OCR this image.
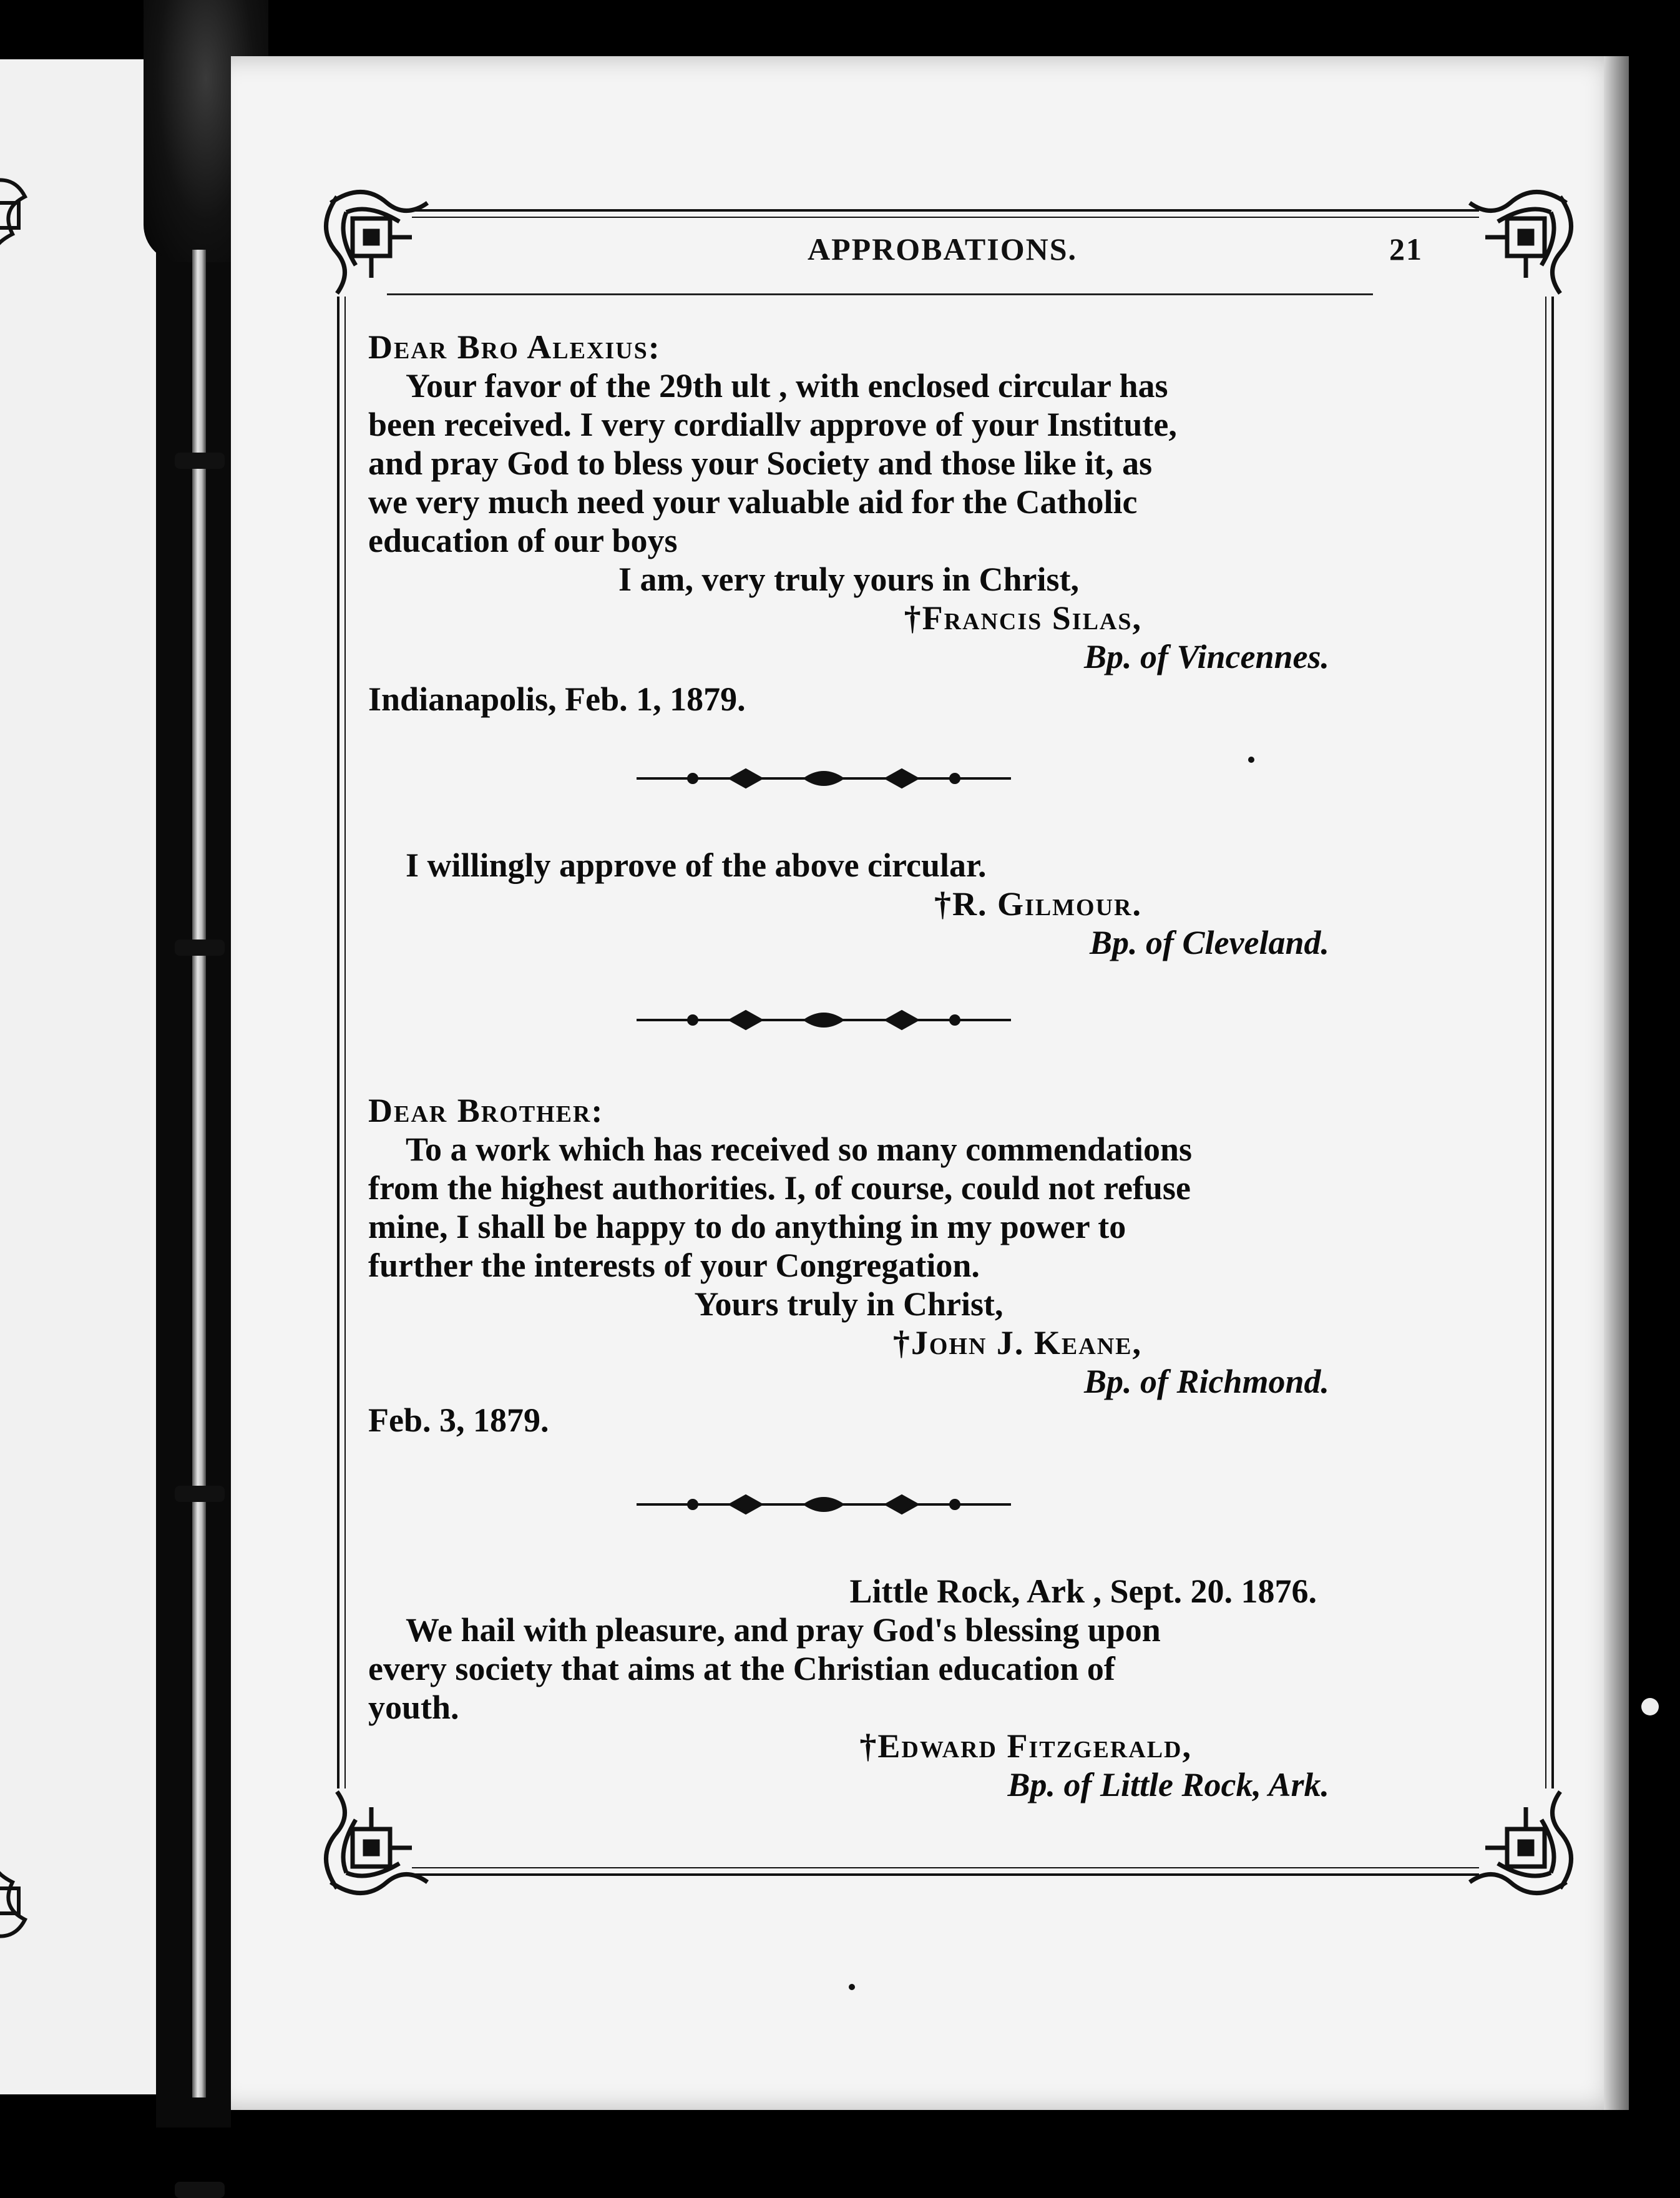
APPROBATIONS.	21
Dear Bro Alexius:
Your favor of the 29th ult , with enclosed circular has
been received. I very cordiallv approve of your Institute,
and pray God to bless your Society and those like it, as
we very much need your valuable aid for the Catholic
education of our boys
I am, very truly yours in Christ,
†Francis Silas,
Bp. of Vincennes.
Indianapolis, Feb. 1, 1879.
I willingly approve of the above circular.
†R. Gilmour.
Bp. of Cleveland.
Dear Brother:
To a work which has received so many commendations
from the highest authorities. I, of course, could not refuse
mine, I shall be happy to do anything in my power to
further the interests of your Congregation.
Yours truly in Christ,
†John J. Keane,
Bp. of Richmond.
Feb. 3, 1879.
Little Rock, Ark , Sept. 20. 1876.
We hail with pleasure, and pray God's blessing upon
every society that aims at the Christian education of
youth.
†Edward Fitzgerald,
Bp. of Little Rock, Ark.
